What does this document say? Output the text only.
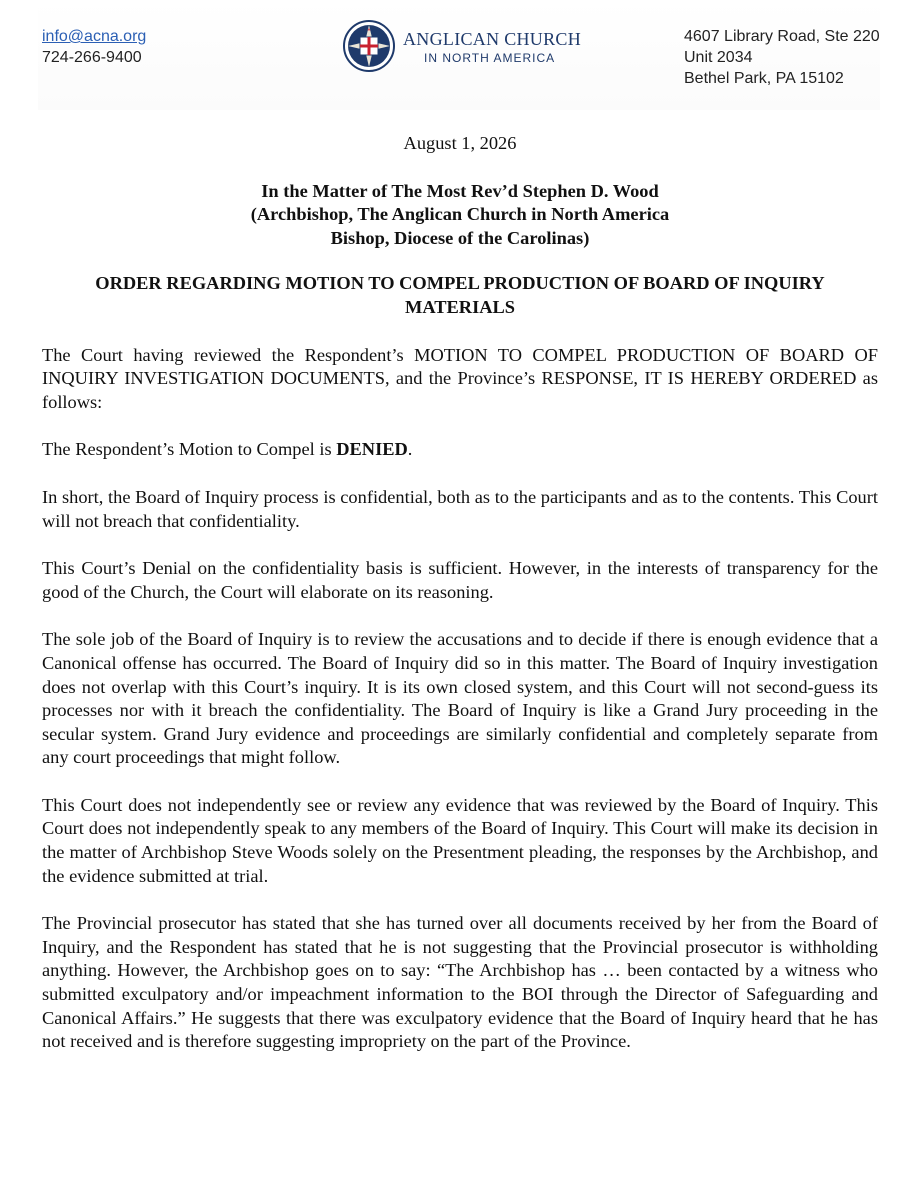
info@acna.org
724-266-9400
ANGLICAN CHURCH
IN NORTH AMERICA
4607 Library Road, Ste 220
Unit 2034
Bethel Park, PA 15102
August 1, 2026
In the Matter of The Most Rev’d Stephen D. Wood
(Archbishop, The Anglican Church in North America
Bishop, Diocese of the Carolinas)
ORDER REGARDING MOTION TO COMPEL PRODUCTION OF BOARD OF INQUIRY MATERIALS

The Court having reviewed the Respondent’s MOTION TO COMPEL PRODUCTION OF BOARD OF INQUIRY INVESTIGATION DOCUMENTS, and the Province’s RESPONSE, IT IS HEREBY ORDERED as follows:

The Respondent’s Motion to Compel is DENIED.

In short, the Board of Inquiry process is confidential, both as to the participants and as to the contents. This Court will not breach that confidentiality.

This Court’s Denial on the confidentiality basis is sufficient. However, in the interests of transparency for the good of the Church, the Court will elaborate on its reasoning.

The sole job of the Board of Inquiry is to review the accusations and to decide if there is enough evidence that a Canonical offense has occurred. The Board of Inquiry did so in this matter. The Board of Inquiry investigation does not overlap with this Court’s inquiry. It is its own closed system, and this Court will not second-guess its processes nor with it breach the confidentiality. The Board of Inquiry is like a Grand Jury proceeding in the secular system. Grand Jury evidence and proceedings are similarly confidential and completely separate from any court proceedings that might follow.

This Court does not independently see or review any evidence that was reviewed by the Board of Inquiry. This Court does not independently speak to any members of the Board of Inquiry. This Court will make its decision in the matter of Archbishop Steve Woods solely on the Presentment pleading, the responses by the Archbishop, and the evidence submitted at trial.

The Provincial prosecutor has stated that she has turned over all documents received by her from the Board of Inquiry, and the Respondent has stated that he is not suggesting that the Provincial prosecutor is withholding anything. However, the Archbishop goes on to say: “The Archbishop has … been contacted by a witness who submitted exculpatory and/or impeachment information to the BOI through the Director of Safeguarding and Canonical Affairs.” He suggests that there was exculpatory evidence that the Board of Inquiry heard that he has not received and is therefore suggesting impropriety on the part of the Province.
